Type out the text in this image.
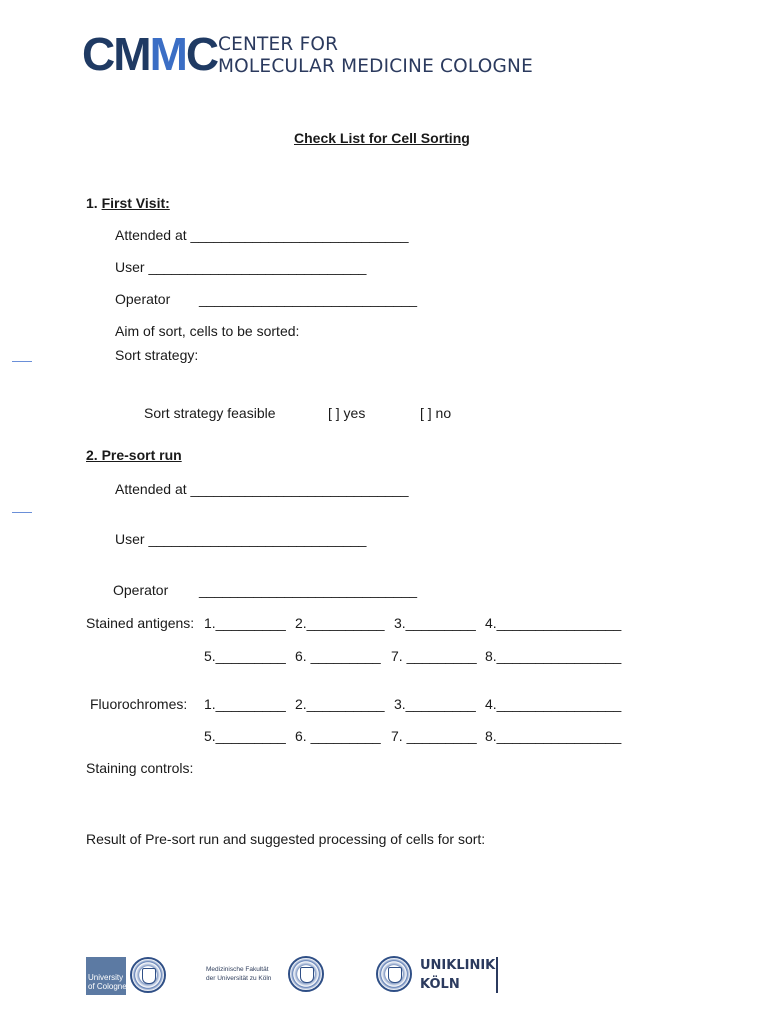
CMMC CENTER FOR
MOLECULAR MEDICINE COLOGNE
Check List for Cell Sorting
1. First Visit:
Attended at ____________________________
User ____________________________
Operator ____________________________
Aim of sort, cells to be sorted:
Sort strategy:
Sort strategy feasible	[ ] yes	[ ] no
2. Pre-sort run
Attended at ____________________________
User ____________________________
Operator ____________________________
Stained antigens: 1._________ 2.__________ 3._________ 4.________________
5._________ 6. _________ 7. _________ 8.________________
Fluorochromes: 1._________ 2.__________ 3._________ 4.________________
5._________ 6. _________ 7. _________ 8.________________
Staining controls:
Result of Pre-sort run and suggested processing of cells for sort:
University
of Cologne
Medizinische Fakultät
der Universität zu Köln
UNIKLINIK
KÖLN
